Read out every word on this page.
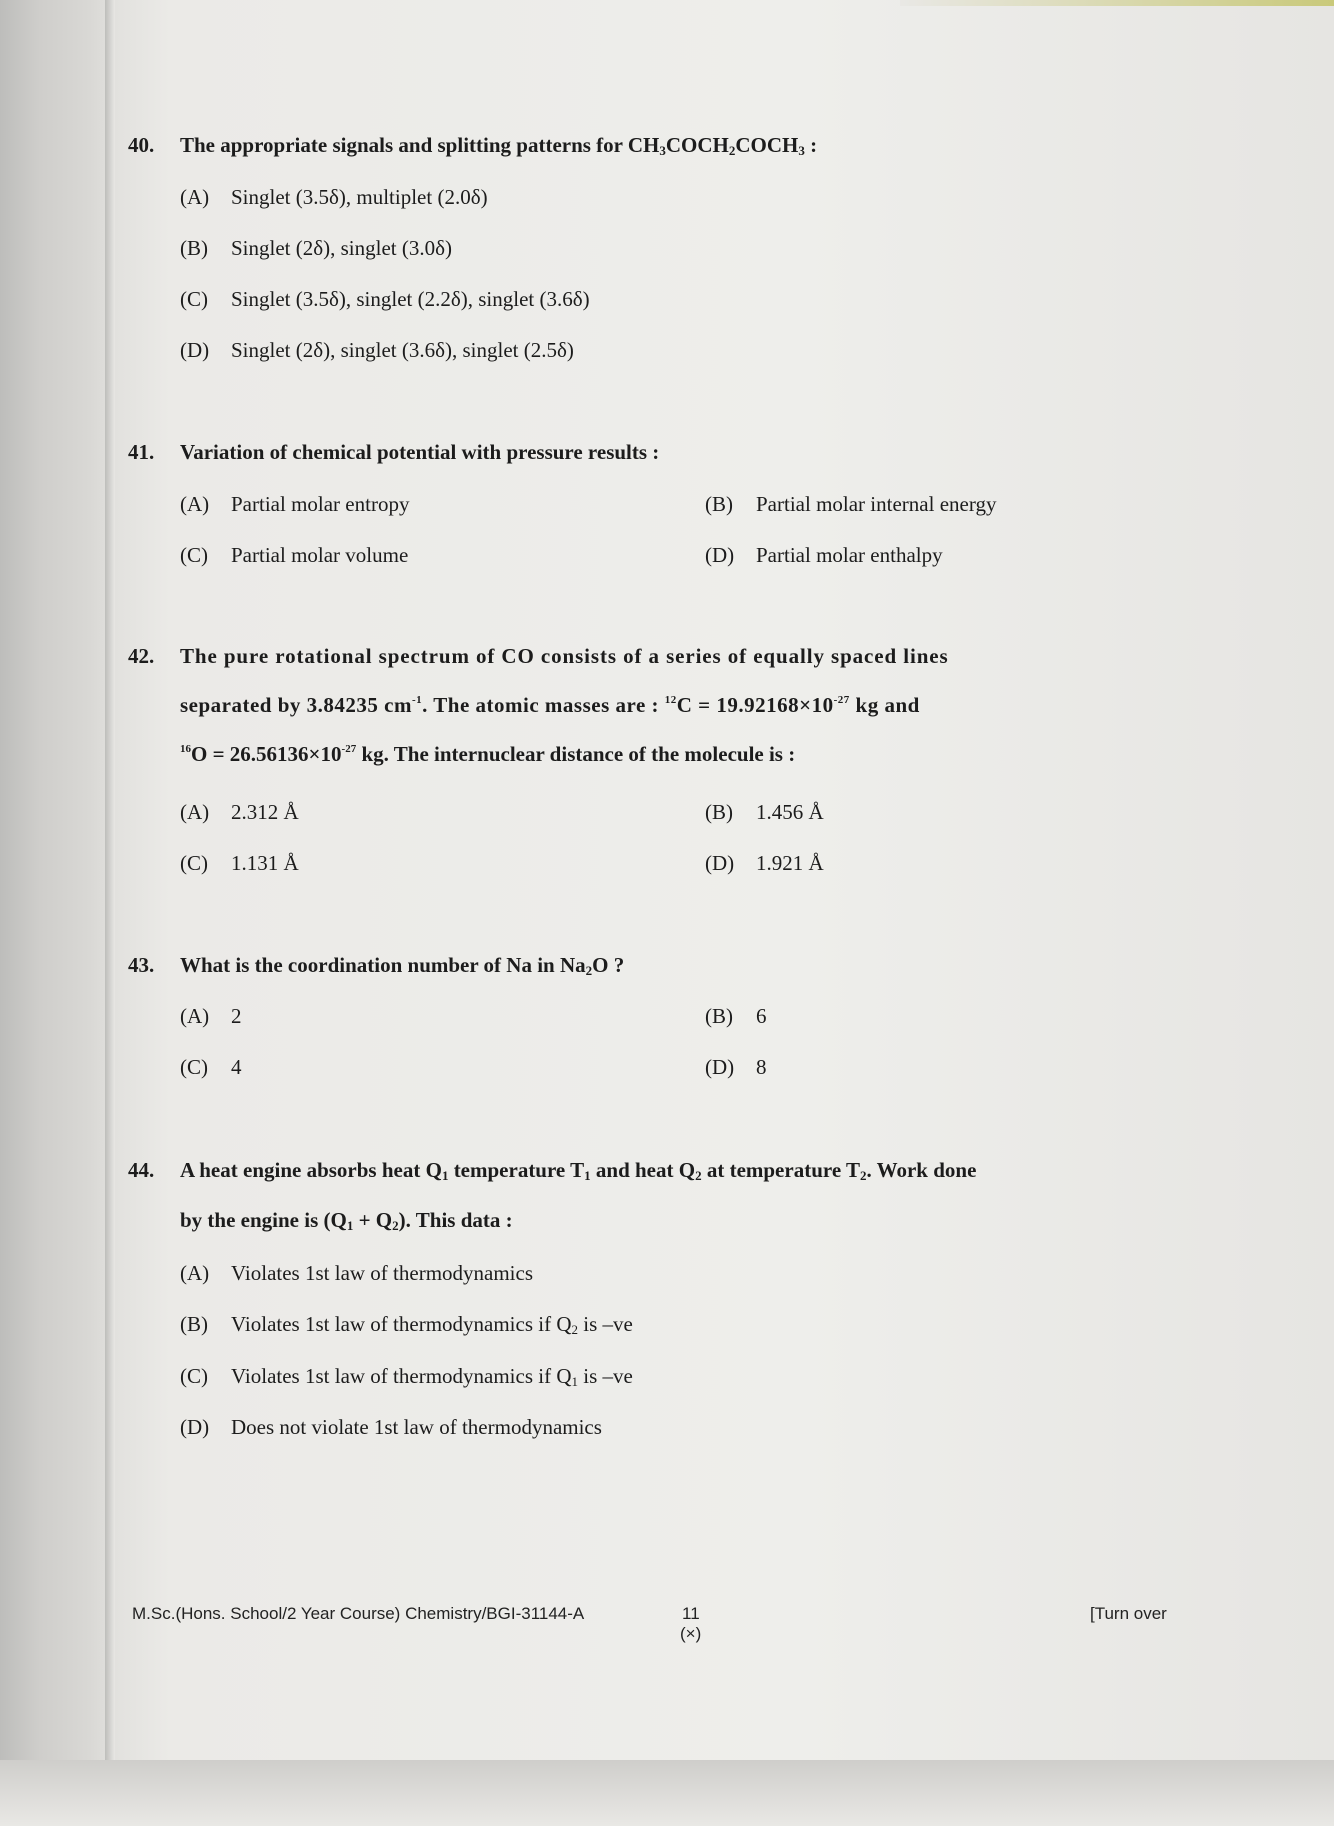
40. The appropriate signals and splitting patterns for $CH_3COCH_2COCH_3$ :
(A) Singlet (3.5δ), multiplet (2.0δ)
(B) Singlet (2δ), singlet (3.0δ)
(C) Singlet (3.5δ), singlet (2.2δ), singlet (3.6δ)
(D) Singlet (2δ), singlet (3.6δ), singlet (2.5δ)
41. Variation of chemical potential with pressure results :
(A) Partial molar entropy	(B) Partial molar internal energy
(C) Partial molar volume	(D) Partial molar enthalpy
42. The pure rotational spectrum of CO consists of a series of equally spaced lines
separated by 3.84235 $cm^{-1}$. The atomic masses are : $^{12}C = 19.92168\times 10^{-27}$ kg and
$^{16}O = 26.56136\times 10^{-27}$ kg. The internuclear distance of the molecule is :
(A) 2.312 Å	(B) 1.456 Å
(C) 1.131 Å	(D) 1.921 Å
43. What is the coordination number of Na in $Na_2O$ ?
(A) 2	(B) 6
(C) 4	(D) 8
44. A heat engine absorbs heat $Q_1$ temperature $T_1$ and heat $Q_2$ at temperature $T_2$. Work done
by the engine is $(Q_1 + Q_2)$. This data :
(A) Violates 1st law of thermodynamics
(B) Violates 1st law of thermodynamics if $Q_2$ is –ve
(C) Violates 1st law of thermodynamics if $Q_1$ is –ve
(D) Does not violate 1st law of thermodynamics
M.Sc.(Hons. School/2 Year Course) Chemistry/BGI-31144-A	11
(×)
[Turn over
